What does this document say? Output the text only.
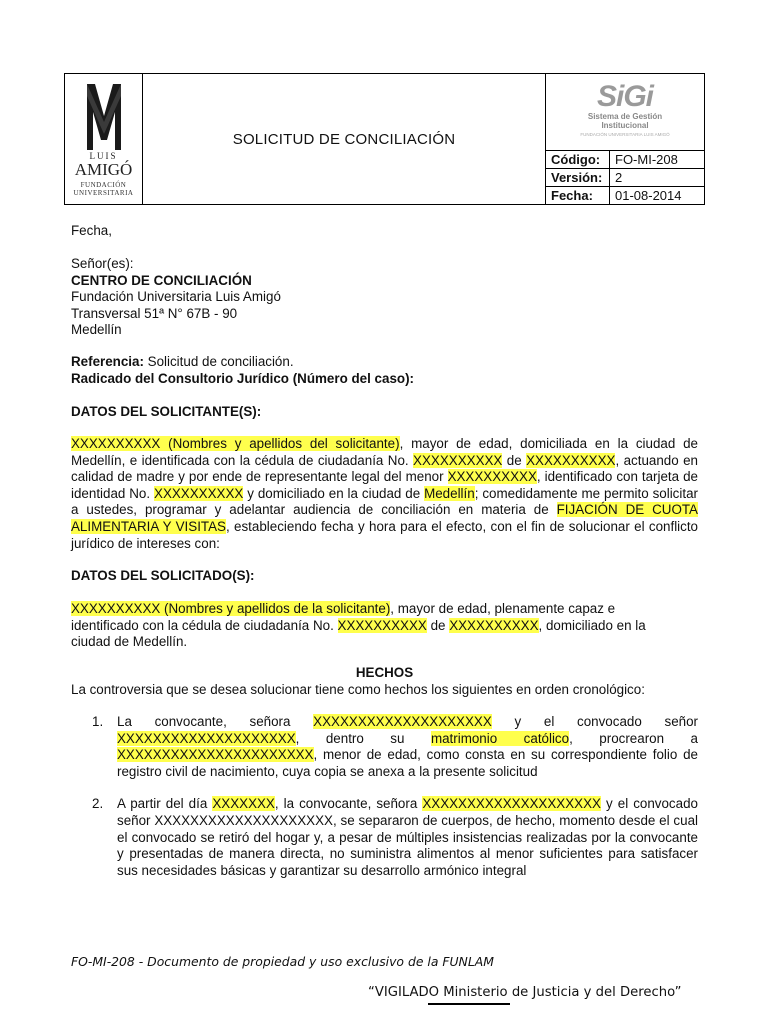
LUIS
AMIGÓ
FUNDACIÓN
UNIVERSITARIA
SOLICITUD DE CONCILIACIÓN
SiGi
Sistema de Gestión
Institucional
FUNDACIÓN UNIVERSITARIA LUIS AMIGÓ
Código:	FO-MI-208
Versión: 2
Fecha:	01-08-2014
Fecha,
Señor(es):
CENTRO DE CONCILIACIÓN
Fundación Universitaria Luis Amigó
Transversal 51ª N° 67B - 90
Medellín
Referencia: Solicitud de conciliación.
Radicado del Consultorio Jurídico (Número del caso):
DATOS DEL SOLICITANTE(S):
XXXXXXXXXX (Nombres y apellidos del solicitante), mayor de edad, domiciliada en la ciudad de Medellín, e identificada con la cédula de ciudadanía No. XXXXXXXXXX de XXXXXXXXXX, actuando en calidad de madre y por ende de representante legal del menor XXXXXXXXXX, identificado con tarjeta de identidad No. XXXXXXXXXX y domiciliado en la ciudad de Medellín; comedidamente me permito solicitar a ustedes, programar y adelantar audiencia de conciliación en materia de FIJACIÓN DE CUOTA ALIMENTARIA Y VISITAS, estableciendo fecha y hora para el efecto, con el fin de solucionar el conflicto jurídico de intereses con:
DATOS DEL SOLICITADO(S):
XXXXXXXXXX (Nombres y apellidos de la solicitante), mayor de edad, plenamente capaz e identificado con la cédula de ciudadanía No. XXXXXXXXXX de XXXXXXXXXX, domiciliado en la ciudad de Medellín.
HECHOS
La controversia que se desea solucionar tiene como hechos los siguientes en orden cronológico:
1.	La convocante, señora XXXXXXXXXXXXXXXXXXXX y el convocado señor XXXXXXXXXXXXXXXXXXXX, dentro su matrimonio católico, procrearon a XXXXXXXXXXXXXXXXXXXXXX, menor de edad, como consta en su correspondiente folio de registro civil de nacimiento, cuya copia se anexa a la presente solicitud
2.	A partir del día XXXXXXX, la convocante, señora XXXXXXXXXXXXXXXXXXXX y el convocado señor XXXXXXXXXXXXXXXXXXXX, se separaron de cuerpos, de hecho, momento desde el cual el convocado se retiró del hogar y, a pesar de múltiples insistencias realizadas por la convocante y presentadas de manera directa, no suministra alimentos al menor suficientes para satisfacer sus necesidades básicas y garantizar su desarrollo armónico integral
FO-MI-208 - Documento de propiedad y uso exclusivo de la FUNLAM
“VIGILADO Ministerio de Justicia y del Derecho”
